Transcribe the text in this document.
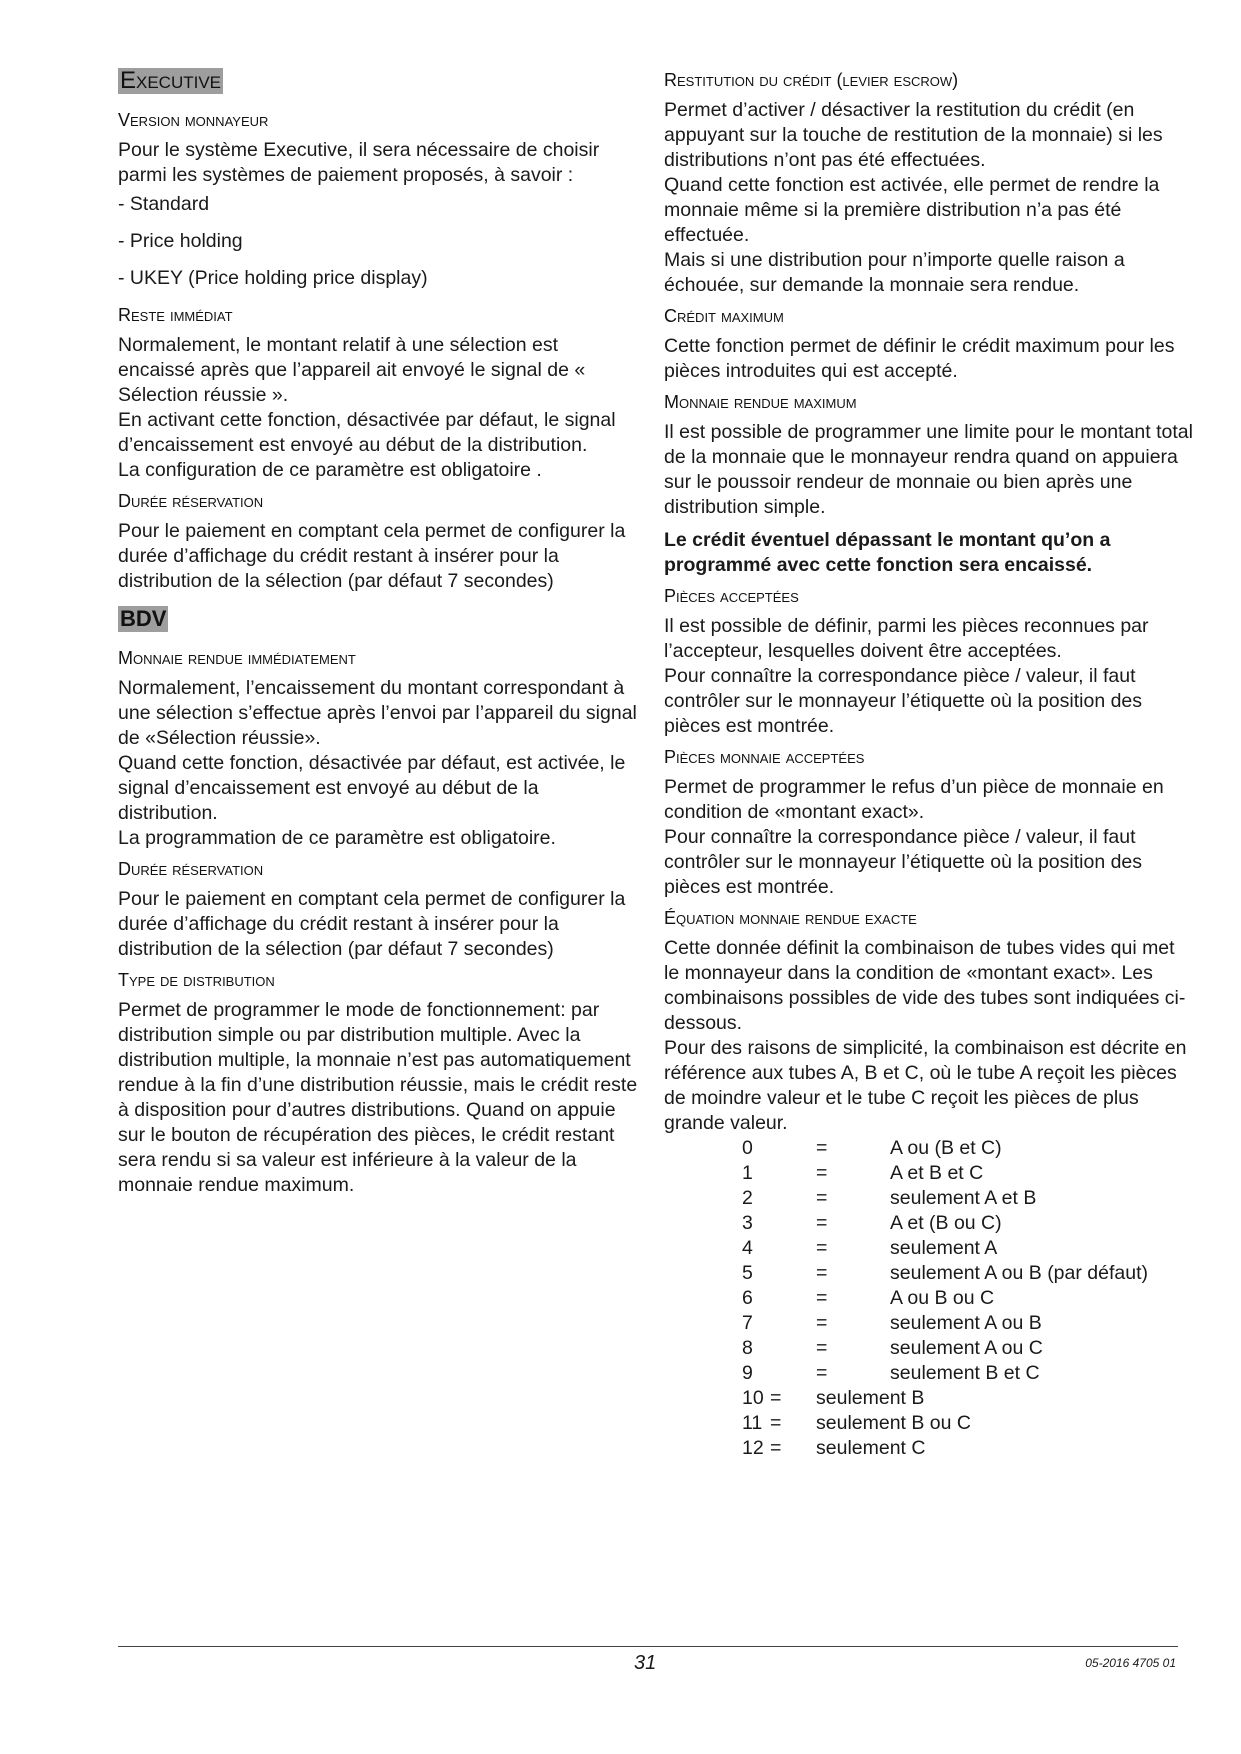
Executive
Version monnayeur

Pour le système Executive, il sera nécessaire de choisir parmi les systèmes de paiement proposés, à savoir :

- Standard
- Price holding
- UKEY (Price holding price display)
Reste immédiat

Normalement, le montant relatif à une sélection est encaissé après que l’appareil ait envoyé le signal de « Sélection réussie ».

En activant cette fonction, désactivée par défaut, le signal d’encaissement est envoyé au début de la distribution.

La configuration de ce paramètre est obligatoire .

Durée réservation

Pour le paiement en comptant cela permet de configurer la durée d’affichage du crédit restant à insérer pour la distribution de la sélection (par défaut 7 secondes)

BDV
Monnaie rendue immédiatement

Normalement, l’encaissement du montant correspondant à une sélection s’effectue après l’envoi par l’appareil du signal de «Sélection réussie».

Quand cette fonction, désactivée par défaut, est activée, le signal d’encaissement est envoyé au début de la distribution.

La programmation de ce paramètre est obligatoire.

Durée réservation

Pour le paiement en comptant cela permet de configurer la durée d’affichage du crédit restant à insérer pour la distribution de la sélection (par défaut 7 secondes)

Type de distribution

Permet de programmer le mode de fonctionnement: par distribution simple ou par distribution multiple. Avec la distribution multiple, la monnaie n’est pas automatiquement rendue à la fin d’une distribution réussie, mais le crédit reste à disposition pour d’autres distributions. Quand on appuie sur le bouton de récupération des pièces, le crédit restant sera rendu si sa valeur est inférieure à la valeur de la monnaie rendue maximum.

Restitution du crédit (levier escrow)

Permet d’activer / désactiver la restitution du crédit (en appuyant sur la touche de restitution de la monnaie) si les distributions n’ont pas été effectuées.

Quand cette fonction est activée, elle permet de rendre la monnaie même si la première distribution n’a pas été effectuée.

Mais si une distribution pour n’importe quelle raison a échouée, sur demande la monnaie sera rendue.

Crédit maximum

Cette fonction permet de définir le crédit maximum pour les pièces introduites qui est accepté.

Monnaie rendue maximum

Il est possible de programmer une limite pour le montant total de la monnaie que le monnayeur rendra quand on appuiera sur le poussoir rendeur de monnaie ou bien après une distribution simple.

Le crédit éventuel dépassant le montant qu’on a programmé avec cette fonction sera encaissé.

Pièces acceptées

Il est possible de définir, parmi les pièces reconnues par l’accepteur, lesquelles doivent être acceptées.

Pour connaître la correspondance pièce / valeur, il faut contrôler sur le monnayeur l’étiquette où la position des pièces est montrée.

Pièces monnaie acceptées

Permet de programmer le refus d’un pièce de monnaie en condition de «montant exact».

Pour connaître la correspondance pièce / valeur, il faut contrôler sur le monnayeur l’étiquette où la position des pièces est montrée.

Équation monnaie rendue exacte

Cette donnée définit la combinaison de tubes vides qui met le monnayeur dans la condition de «montant exact». Les combinaisons possibles de vide des tubes sont indiquées ci-dessous.

Pour des raisons de simplicité, la combinaison est décrite en référence aux tubes A, B et C, où le tube A reçoit les pièces de moindre valeur et le tube C reçoit les pièces de plus grande valeur.

0	=	A ou (B et C)
1	=	A et B et C
2	=	seulement A et B
3	=	A et (B ou C)
4	=	seulement A
5	=	seulement A ou B (par défaut)
6	=	A ou B ou C
7	=	seulement A ou B
8	=	seulement A ou C
9	=	seulement B et C
10 = seulement B
11 = seulement B ou C
12 = seulement C
31	05-2016 4705 01
